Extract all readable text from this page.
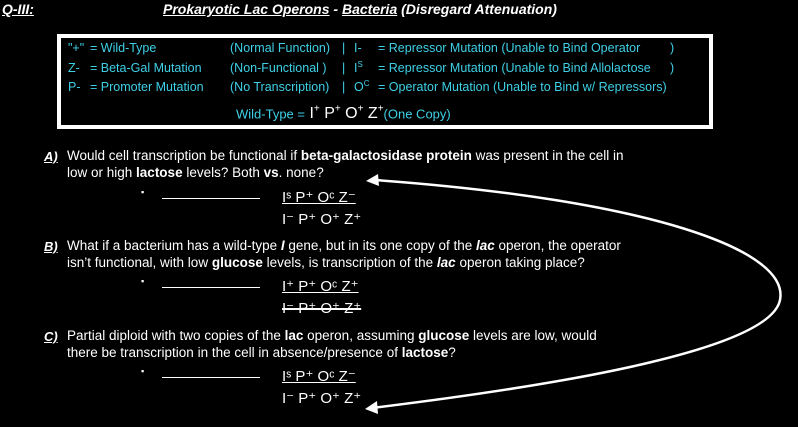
Q-III:	Prokaryotic Lac Operons - Bacteria (Disregard Attenuation)
"+" = Wild-Type	(Normal Function) | I- = Repressor Mutation (Unable to Bind Operator )
Z- = Beta-Gal Mutation (Non-Functional ) | $I^S$ = Repressor Mutation (Unable to Bind Allolactose )
P- = Promoter Mutation (No Transcription) | $O^C$ = Operator Mutation (Unable to Bind w/ Repressors)
Wild-Type = I+ P+ O+ Z+(One Copy)
A) Would cell transcription be functional if beta-galactosidase protein was present in the cell in
low or high lactose levels? Both vs. none?
▪	Iˢ P⁺ Oᶜ Z⁻
I⁻ P⁺ O⁺ Z⁺
B) What if a bacterium has a wild-type I gene, but in its one copy of the lac operon, the operator
isn’t functional, with low glucose levels, is transcription of the lac operon taking place?
▪	I⁺ P⁺ Oᶜ Z⁺
I⁻ P⁺ O⁺ Z⁺
C) Partial diploid with two copies of the lac operon, assuming glucose levels are low, would
there be transcription in the cell in absence/presence of lactose?
▪	Iˢ P⁺ Oᶜ Z⁻
I⁻ P⁺ O⁺ Z⁺
